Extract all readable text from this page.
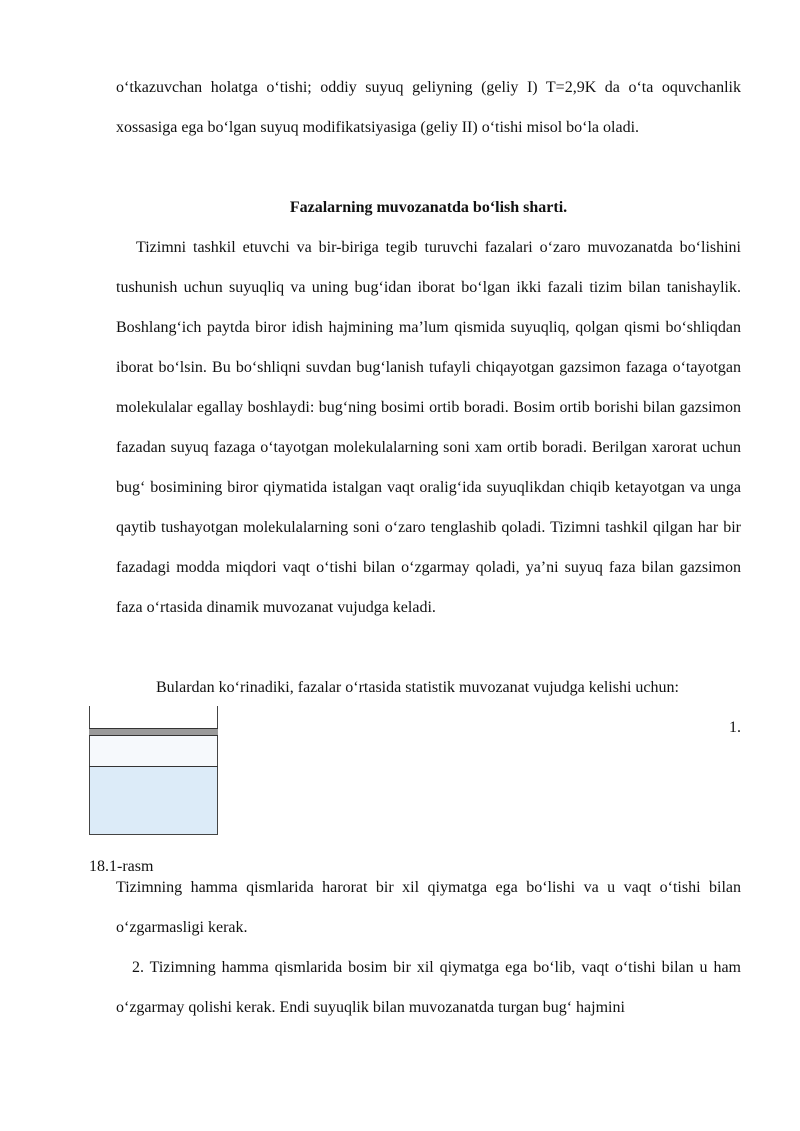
o‘tkazuvchan holatga o‘tishi; oddiy suyuq geliyning (geliy I) T=2,9K da o‘ta oquvchanlik xossasiga ega bo‘lgan suyuq modifikatsiyasiga (geliy II) o‘tishi misol bo‘la oladi.
Fazalarning muvozanatda bo‘lish sharti.
Tizimni tashkil etuvchi va bir-biriga tegib turuvchi fazalari o‘zaro muvozanatda bo‘lishini tushunish uchun suyuqliq va uning bug‘idan iborat bo‘lgan ikki fazali tizim bilan tanishaylik. Boshlang‘ich paytda biror idish hajmining ma’lum qismida suyuqliq, qolgan qismi bo‘shliqdan iborat bo‘lsin. Bu bo‘shliqni suvdan bug‘lanish tufayli chiqayotgan gazsimon fazaga o‘tayotgan molekulalar egallay boshlaydi: bug‘ning bosimi ortib boradi. Bosim ortib borishi bilan gazsimon fazadan suyuq fazaga o‘tayotgan molekulalarning soni xam ortib boradi. Berilgan xarorat uchun bug‘ bosimining biror qiymatida istalgan vaqt oralig‘ida suyuqlikdan chiqib ketayotgan va unga qaytib tushayotgan molekulalarning soni o‘zaro tenglashib qoladi. Tizimni tashkil qilgan har bir fazadagi modda miqdori vaqt o‘tishi bilan o‘zgarmay qoladi, ya’ni suyuq faza bilan gazsimon faza o‘rtasida dinamik muvozanat vujudga keladi.
Bulardan ko‘rinadiki, fazalar o‘rtasida statistik muvozanat vujudga kelishi uchun:
1.
18.1-rasm
Tizimning hamma qismlarida harorat bir xil qiymatga ega bo‘lishi va u vaqt o‘tishi bilan o‘zgarmasligi kerak.
2. Tizimning hamma qismlarida bosim bir xil qiymatga ega bo‘lib, vaqt o‘tishi bilan u ham o‘zgarmay qolishi kerak. Endi suyuqlik bilan muvozanatda turgan bug‘ hajmini
